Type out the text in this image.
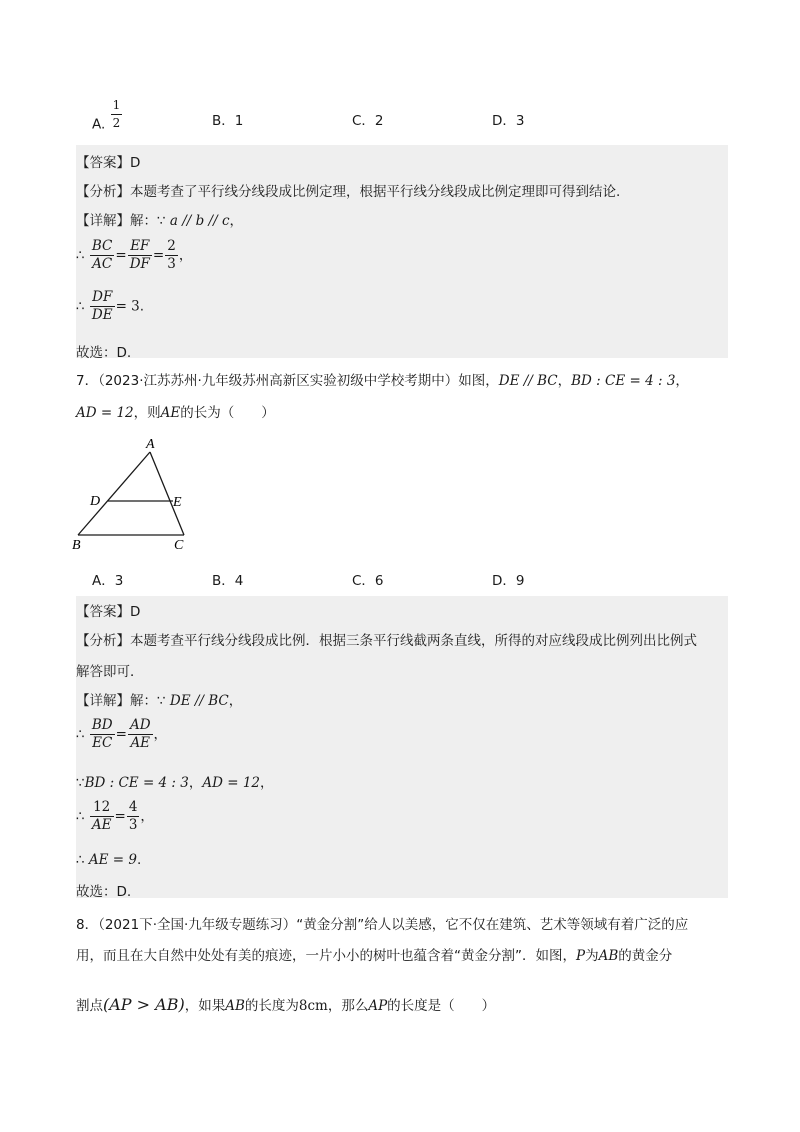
A. $\frac{1}{2}$	B．1	C．2	D．3
【答案】D
【分析】本题考查了平行线分线段成比例定理，根据平行线分线段成比例定理即可得到结论.
【详解】解：∵ a // b // c，
∴ $\frac{BC}{AC} = \frac{EF}{DF} = \frac{2}{3}$ ，
∴ $\frac{DF}{DE} = 3$.
故选：D.
7．（2023·江苏苏州·九年级苏州高新区实验初级中学校考期中）如图，DE // BC，BD : CE = 4 : 3，
AD = 12，则AE的长为（　　）
A
D	E
B	C
A．3	B．4	C．6	D．9
【答案】D
【分析】本题考查平行线分线段成比例．根据三条平行线截两条直线，所得的对应线段成比例列出比例式
解答即可．
【详解】解：∵ DE // BC，
∴ $\frac{BD}{EC} = \frac{AD}{AE}$ ，
∵BD : CE = 4 : 3，AD = 12，
∴ $\frac{12}{AE} = \frac{4}{3}$ ，
∴ AE = 9.
故选：D.
8．（2021下·全国·九年级专题练习）“黄金分割”给人以美感，它不仅在建筑、艺术等领域有着广泛的应
用，而且在大自然中处处有美的痕迹，一片小小的树叶也蕴含着“黄金分割”．如图，P为AB的黄金分
割点(AP > AB)，如果AB的长度为8cm，那么AP的长度是（　　）
